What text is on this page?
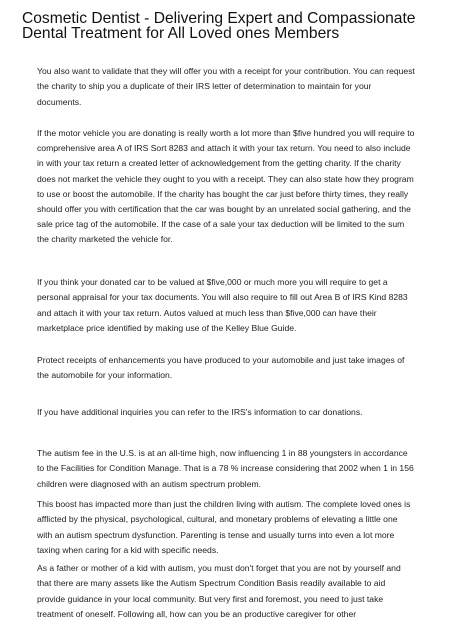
Cosmetic Dentist - Delivering Expert and Compassionate Dental Treatment for All Loved ones Members

You also want to validate that they will offer you with a receipt for your contribution. You can request the charity to ship you a duplicate of their IRS letter of determination to maintain for your documents.

If the motor vehicle you are donating is really worth a lot more than $five hundred you will require to comprehensive area A of IRS Sort 8283 and attach it with your tax return. You need to also include in with your tax return a created letter of acknowledgement from the getting charity. If the charity does not market the vehicle they ought to you with a receipt. They can also state how they program to use or boost the automobile. If the charity has bought the car just before thirty times, they really should offer you with certification that the car was bought by an unrelated social gathering, and the sale price tag of the automobile. If the case of a sale your tax deduction will be limited to the sum the charity marketed the vehicle for.

If you think your donated car to be valued at $five,000 or much more you will require to get a personal appraisal for your tax documents. You will also require to fill out Area B of IRS Kind 8283 and attach it with your tax return. Autos valued at much less than $five,000 can have their marketplace price identified by making use of the Kelley Blue Guide.

Protect receipts of enhancements you have produced to your automobile and just take images of the automobile for your information.

If you have additional inquiries you can refer to the IRS's information to car donations.

The autism fee in the U.S. is at an all-time high, now influencing 1 in 88 youngsters in accordance to the Facilities for Condition Manage. That is a 78 % increase considering that 2002 when 1 in 156 children were diagnosed with an autism spectrum problem.

This boost has impacted more than just the children living with autism. The complete loved ones is afflicted by the physical, psychological, cultural, and monetary problems of elevating a little one with an autism spectrum dysfunction. Parenting is tense and usually turns into even a lot more taxing when caring for a kid with specific needs.

As a father or mother of a kid with autism, you must don't forget that you are not by yourself and that there are many assets like the Autism Spectrum Condition Basis readily available to aid provide guidance in your local community. But very first and foremost, you need to just take treatment of oneself. Following all, how can you be an productive caregiver for other
